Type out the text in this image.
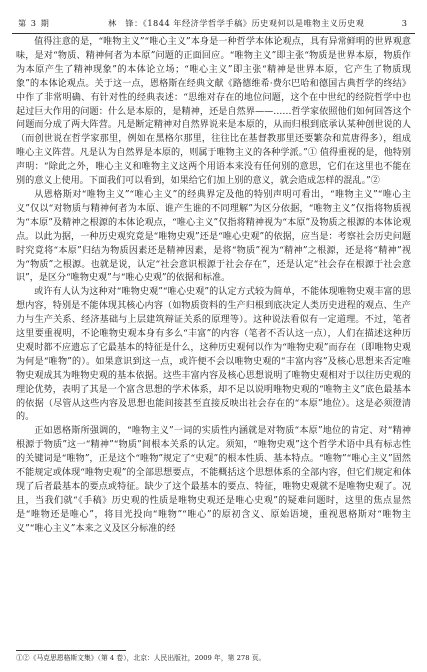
第 3 期	林　锋：《1844 年经济学哲学手稿》历史观何以是唯物主义历史观	3

值得注意的是，“唯物主义”“唯心主义”本身是一种哲学本体论观点，具有异常鲜明的世界观意味，是对“物质、精神何者为本原”问题的正面回应。“唯物主义”即主张“物质是世界本原，物质作为本原产生了精神现象”的本体论立场；“唯心主义”即主张“精神是世界本原，它产生了物质现象”的本体论观点。关于这一点，恩格斯在经典文献《路德维希·费尔巴哈和德国古典哲学的终结》中作了非常明确、有针对性的经典表述：“思维对存在的地位问题，这个在中世纪的经院哲学中也起过巨大作用的问题：什么是本原的，是精神，还是自然界——……哲学家依照他们如何回答这个问题而分成了两大阵营。凡是断定精神对自然界说来是本原的，从而归根到底承认某种创世说的人（而创世说在哲学家那里，例如在黑格尔那里，往往比在基督教那里还要繁杂和荒唐得多），组成唯心主义阵营。凡是认为自然界是本原的，则属于唯物主义的各种学派。”① 值得重视的是，他特别声明：“除此之外，唯心主义和唯物主义这两个用语本来没有任何别的意思，它们在这里也不能在别的意义上使用。下面我们可以看到，如果给它们加上别的意义，就会造成怎样的混乱。”②

从恩格斯对“唯物主义”“唯心主义”的经典界定及他的特别声明可看出，“唯物主义”“唯心主义”仅以“对物质与精神何者为本原、谁产生谁的不同理解”为区分依据，“唯物主义”仅指将物质视为“本原”及精神之根源的本体论观点，“唯心主义”仅指将精神视为“本原”及物质之根源的本体论观点。以此为据，一种历史观究竟是“唯物史观”还是“唯心史观”的依据，应当是：考察社会历史问题时究竟将“本原”归结为物质因素还是精神因素，是将“物质”视为“精神”之根源，还是将“精神”视为“物质”之根源。也就是说，认定“社会意识根源于社会存在”，还是认定“社会存在根源于社会意识”，是区分“唯物史观”与“唯心史观”的依据和标准。

或许有人认为这种对“唯物史观”“唯心史观”的认定方式较为简单，不能体现唯物史观丰富的思想内容，特别是不能体现其核心内容（如物质资料的生产归根到底决定人类历史进程的观点、生产力与生产关系、经济基础与上层建筑辩证关系的原理等）。这种说法看似有一定道理。不过，笔者这里要重视明，不论唯物史观本身有多么“丰富”的内容（笔者不否认这一点），人们在描述这种历史观时都不应遗忘了它最基本的特征是什么，这种历史观何以作为“唯物史观”而存在（即唯物史观为何是“唯物”的）。如果意识到这一点，或许便不会以唯物史观的“丰富内容”及核心思想来否定唯物史观成其为唯物史观的基本依据。这些丰富内容及核心思想说明了唯物史观相对于以往历史观的理论优势，表明了其是一个富含思想的学术体系，却不足以说明唯物史观的“唯物主义”底色最基本的依据（尽管从这些内容及思想也能间接甚至直接反映出社会存在的“本原”地位）。这是必须澄清的。

正如恩格斯所强调的，“唯物主义”一词的实质性内涵就是对物质“本原”地位的肯定、对“精神根源于物质”这一“精神”“物质”间根本关系的认定。须知，“唯物史观”这个哲学术语中具有标志性的关键词是“唯物”，正是这个“唯物”规定了“史观”的根本性质、基本特点。“唯物”“唯心主义”固然不能规定或体现“唯物史观”的全部思想要点，不能概括这个思想体系的全部内容，但它们规定和体现了后者最基本的要点或特征。缺少了这个最基本的要点、特征，唯物史观就不是唯物史观了。况且，当我们就“《手稿》历史观的性质是唯物史观还是唯心史观”的疑难问题时，这里的焦点显然是“唯物还是唯心”，将目光投向“唯物”“唯心”的原初含义、原始语境，重视恩格斯对“唯物主义”“唯心主义”本来之义及区分标准的经

①②《马克思恩格斯文集》（第 4 卷），北京：人民出版社，2009 年，第 278 页。
